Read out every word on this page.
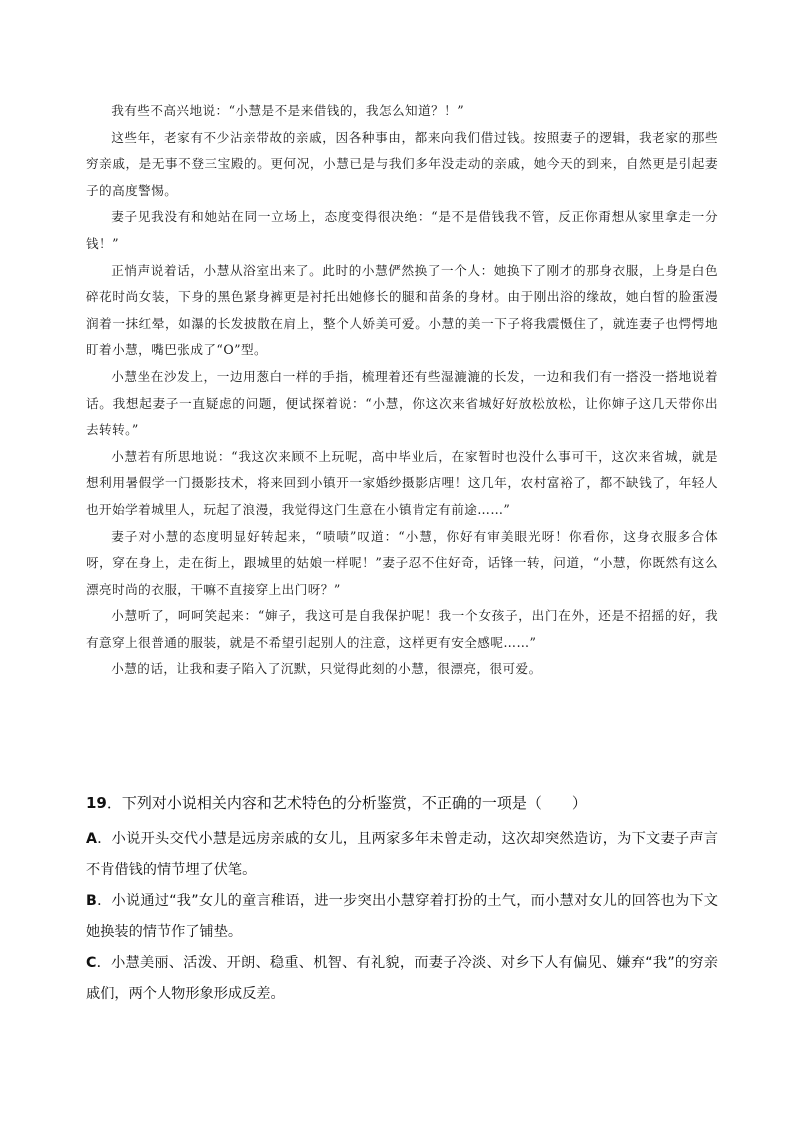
我有些不高兴地说：“小慧是不是来借钱的，我怎么知道？！”

这些年，老家有不少沾亲带故的亲戚，因各种事由，都来向我们借过钱。按照妻子的逻辑，我老家的那些穷亲戚，是无事不登三宝殿的。更何况，小慧已是与我们多年没走动的亲戚，她今天的到来，自然更是引起妻子的高度警惕。

妻子见我没有和她站在同一立场上，态度变得很决绝：“是不是借钱我不管，反正你甭想从家里拿走一分钱！”

正悄声说着话，小慧从浴室出来了。此时的小慧俨然换了一个人：她换下了刚才的那身衣服，上身是白色碎花时尚女装，下身的黑色紧身裤更是衬托出她修长的腿和苗条的身材。由于刚出浴的缘故，她白皙的脸蛋漫润着一抹红晕，如瀑的长发披散在肩上，整个人娇美可爱。小慧的美一下子将我震慑住了，就连妻子也愕愕地盯着小慧，嘴巴张成了“O”型。

小慧坐在沙发上，一边用葱白一样的手指，梳理着还有些湿漉漉的长发，一边和我们有一搭没一搭地说着话。我想起妻子一直疑虑的问题，便试探着说：“小慧，你这次来省城好好放松放松，让你婶子这几天带你出去转转。”

小慧若有所思地说：“我这次来顾不上玩呢，高中毕业后，在家暂时也没什么事可干，这次来省城，就是想利用暑假学一门摄影技术，将来回到小镇开一家婚纱摄影店哩！这几年，农村富裕了，都不缺钱了，年轻人也开始学着城里人，玩起了浪漫，我觉得这门生意在小镇肯定有前途……”

妻子对小慧的态度明显好转起来，“啧啧”叹道：“小慧，你好有审美眼光呀！你看你，这身衣服多合体呀，穿在身上，走在街上，跟城里的姑娘一样呢！”妻子忍不住好奇，话锋一转，问道，“小慧，你既然有这么漂亮时尚的衣服，干嘛不直接穿上出门呀？”

小慧听了，呵呵笑起来：“婶子，我这可是自我保护呢！我一个女孩子，出门在外，还是不招摇的好，我有意穿上很普通的服装，就是不希望引起别人的注意，这样更有安全感呢……”

小慧的话，让我和妻子陷入了沉默，只觉得此刻的小慧，很漂亮，很可爱。

19．下列对小说相关内容和艺术特色的分析鉴赏，不正确的一项是（　　）

A．小说开头交代小慧是远房亲戚的女儿，且两家多年未曾走动，这次却突然造访，为下文妻子声言不肯借钱的情节埋了伏笔。

B．小说通过“我”女儿的童言稚语，进一步突出小慧穿着打扮的土气，而小慧对女儿的回答也为下文她换装的情节作了铺垫。

C．小慧美丽、活泼、开朗、稳重、机智、有礼貌，而妻子冷淡、对乡下人有偏见、嫌弃“我”的穷亲戚们，两个人物形象形成反差。
